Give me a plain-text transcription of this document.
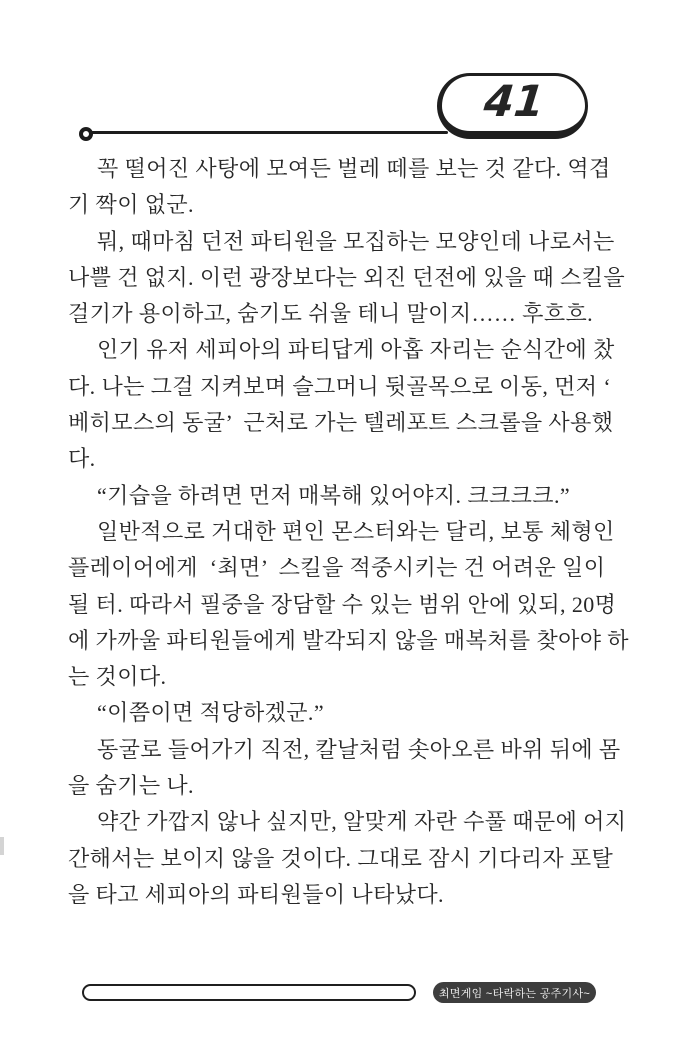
41
꼭 떨어진 사탕에 모여든 벌레 떼를 보는 것 같다. 역겹
기 짝이 없군.
뭐, 때마침 던전 파티원을 모집하는 모양인데 나로서는
나쁠 건 없지. 이런 광장보다는 외진 던전에 있을 때 스킬을
걸기가 용이하고, 숨기도 쉬울 테니 말이지…… 후흐흐.
인기 유저 세피아의 파티답게 아홉 자리는 순식간에 찼
다. 나는 그걸 지켜보며 슬그머니 뒷골목으로 이동, 먼저 ‘
베히모스의 동굴’  근처로 가는 텔레포트 스크롤을 사용했
다.
“기습을 하려면 먼저 매복해 있어야지. 크크크크.”
일반적으로 거대한 편인 몬스터와는 달리, 보통 체형인
플레이어에게  ‘최면’  스킬을 적중시키는 건 어려운 일이
될 터. 따라서 필중을 장담할 수 있는 범위 안에 있되, 20명
에 가까울 파티원들에게 발각되지 않을 매복처를 찾아야 하
는 것이다.
“이쯤이면 적당하겠군.”
동굴로 들어가기 직전, 칼날처럼 솟아오른 바위 뒤에 몸
을 숨기는 나.
약간 가깝지 않나 싶지만, 알맞게 자란 수풀 때문에 어지
간해서는 보이지 않을 것이다. 그대로 잠시 기다리자 포탈
을 타고 세피아의 파티원들이 나타났다.
최면게임 ~타락하는 공주기사~
